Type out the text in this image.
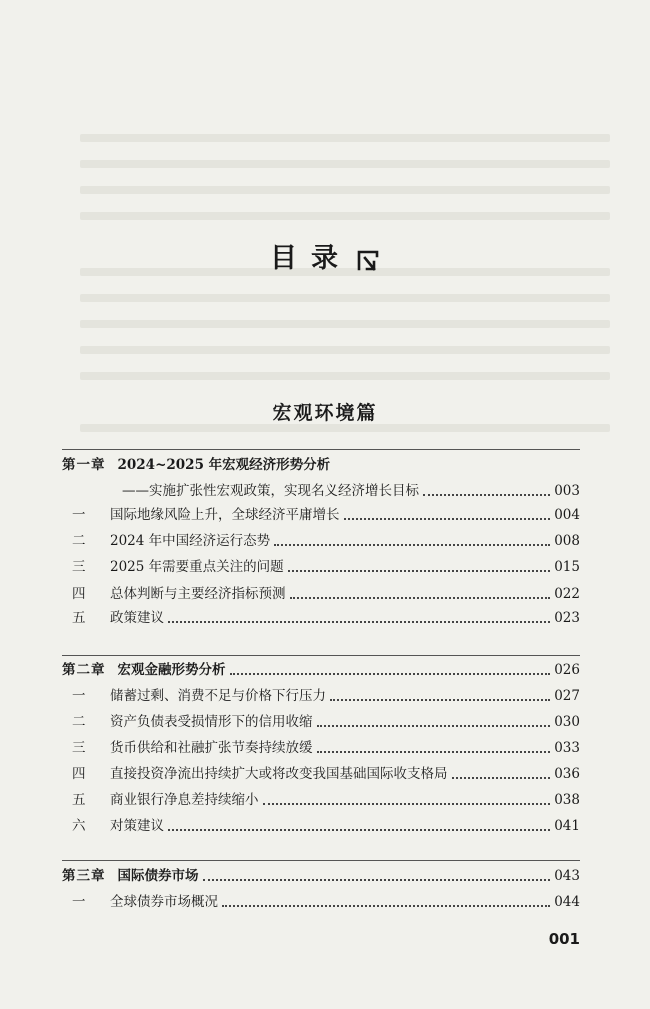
目录
宏观环境篇
第一章 2024~2025 年宏观经济形势分析
——实施扩张性宏观政策，实现名义经济增长目标	003
一	国际地缘风险上升，全球经济平庸增长	004
二	2024 年中国经济运行态势	008
三	2025 年需要重点关注的问题	015
四	总体判断与主要经济指标预测	022
五	政策建议	023
第二章 宏观金融形势分析	026
一	储蓄过剩、消费不足与价格下行压力	027
二	资产负债表受损情形下的信用收缩	030
三	货币供给和社融扩张节奏持续放缓	033
四	直接投资净流出持续扩大或将改变我国基础国际收支格局	036
五	商业银行净息差持续缩小	038
六	对策建议	041
第三章 国际债券市场	043
一	全球债券市场概况	044
001
